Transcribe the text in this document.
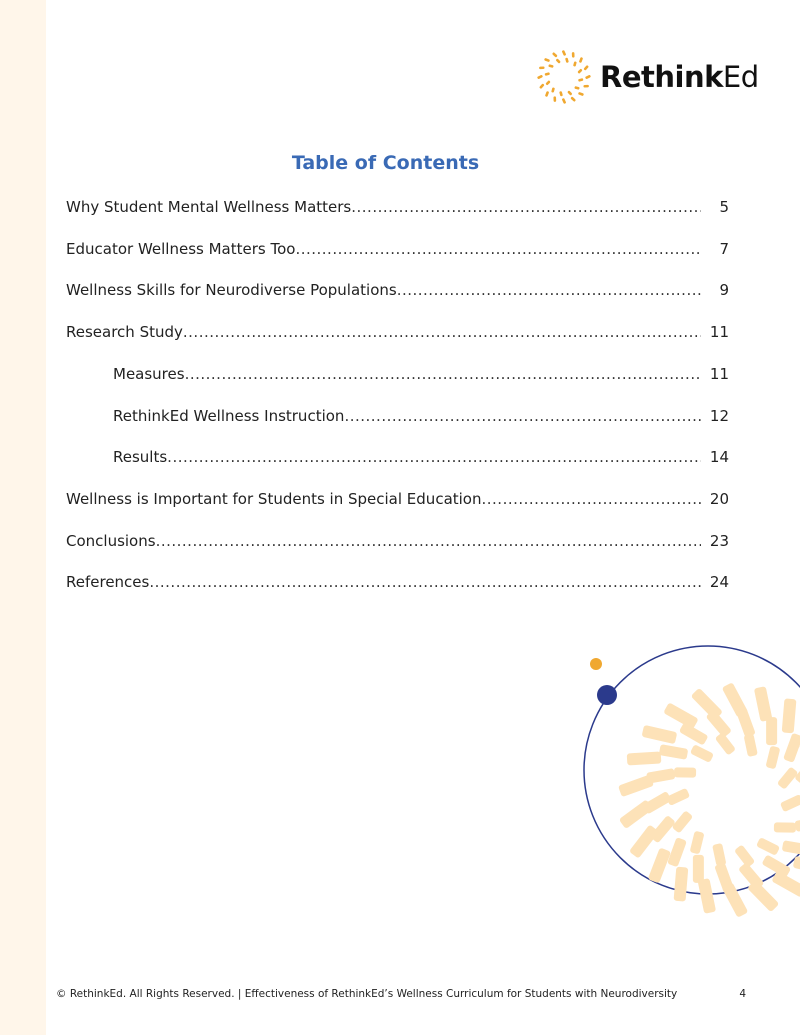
RethinkEd
Table of Contents
Why Student Mental Wellness Matters .....	5
Educator Wellness Matters Too .....	7
Wellness Skills for Neurodiverse Populations .....	9
Research Study .....	11
Measures .....	11
RethinkEd Wellness Instruction .....	12
Results .....	14
Wellness is Important for Students in Special Education .....	20
Conclusions .....	23
References .....	24
© RethinkEd. All Rights Reserved. | Effectiveness of RethinkEd’s Wellness Curriculum for Students with Neurodiversity	4
